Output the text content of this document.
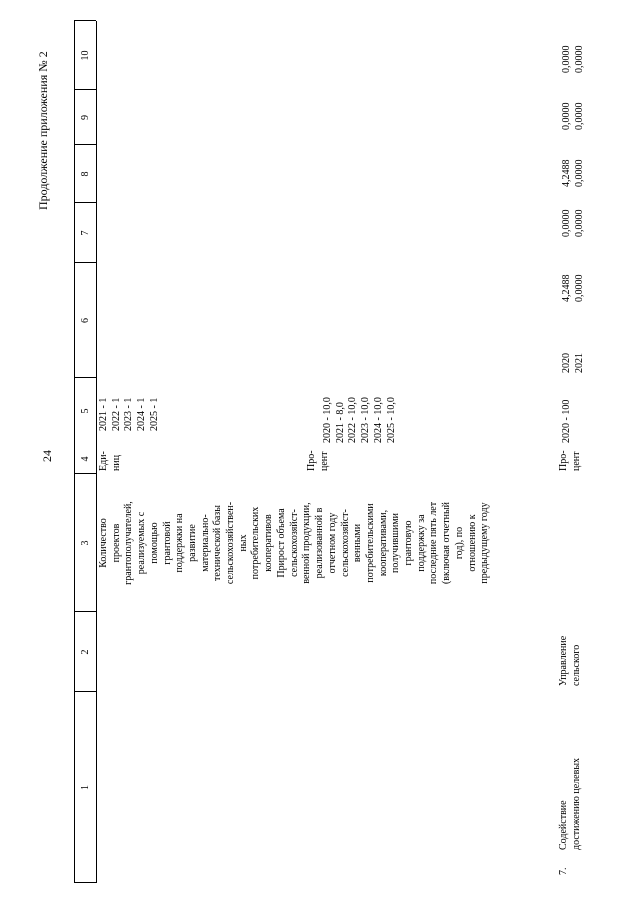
24
Продолжение приложения № 2
1
2
3
4
5
6
7
8
9
10
7.
Содействие
достижению целевых
Управление
сельского
Количество
проектов
грантополучателей,
реализуемых с
помощью
грантовой
поддержки на
развитие
материально-
технической базы
сельскохозяйствен-
ных
потребительских
кооперативов
Еди-
ниц
2021 - 1
2022 - 1
2023 - 1
2024 - 1
2025 - 1
Прирост объема
сельскохозяйст-
венной продукции,
реализованной в
отчетном году
сельскохозяйст-
венными
потребительскими
кооперативами,
получившими
грантовую
поддержку за
последние пять лет
(включая отчетный
год), по
отношению к
предыдущему году
Про-
цент
2020 - 10,0
2021 - 8,0
2022 - 10,0
2023 - 10,0
2024 - 10,0
2025 - 10,0
Про-
цент
2020 - 100
2020
2021
4,2488
0,0000
0,0000
0,0000
4,2488
0,0000
0,0000
0,0000
0,0000
0,0000
